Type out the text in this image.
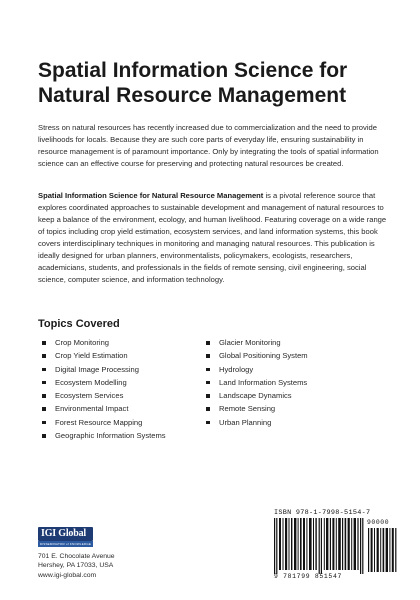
Spatial Information Science for
Natural Resource Management

Stress on natural resources has recently increased due to commercialization and the need to provide livelihoods for locals. Because they are such core parts of everyday life, ensuring sustainability in resource management is of paramount importance. Only by integrating the tools of spatial information science can an effective course for preserving and protecting natural resources be created.

Spatial Information Science for Natural Resource Management is a pivotal reference source that explores coordinated approaches to sustainable development and management of natural resources to keep a balance of the environment, ecology, and human livelihood. Featuring coverage on a wide range of topics including crop yield estimation, ecosystem services, and land information systems, this book covers interdisciplinary techniques in monitoring and managing natural resources. This publication is ideally designed for urban planners, environmentalists, policymakers, ecologists, researchers, academicians, students, and professionals in the fields of remote sensing, civil engineering, social science, computer science, and information technology.

Topics Covered
Crop Monitoring
Crop Yield Estimation
Digital Image Processing
Ecosystem Modelling
Ecosystem Services
Environmental Impact
Forest Resource Mapping
Geographic Information Systems
Glacier Monitoring
Global Positioning System
Hydrology
Land Information Systems
Landscape Dynamics
Remote Sensing
Urban Planning
IGI Global
DISSEMINATOR of KNOWLEDGE
701 E. Chocolate Avenue
Hershey, PA 17033, USA
www.igi-global.com
ISBN 978-1-7998-5154-7
90000
9 781799 851547
